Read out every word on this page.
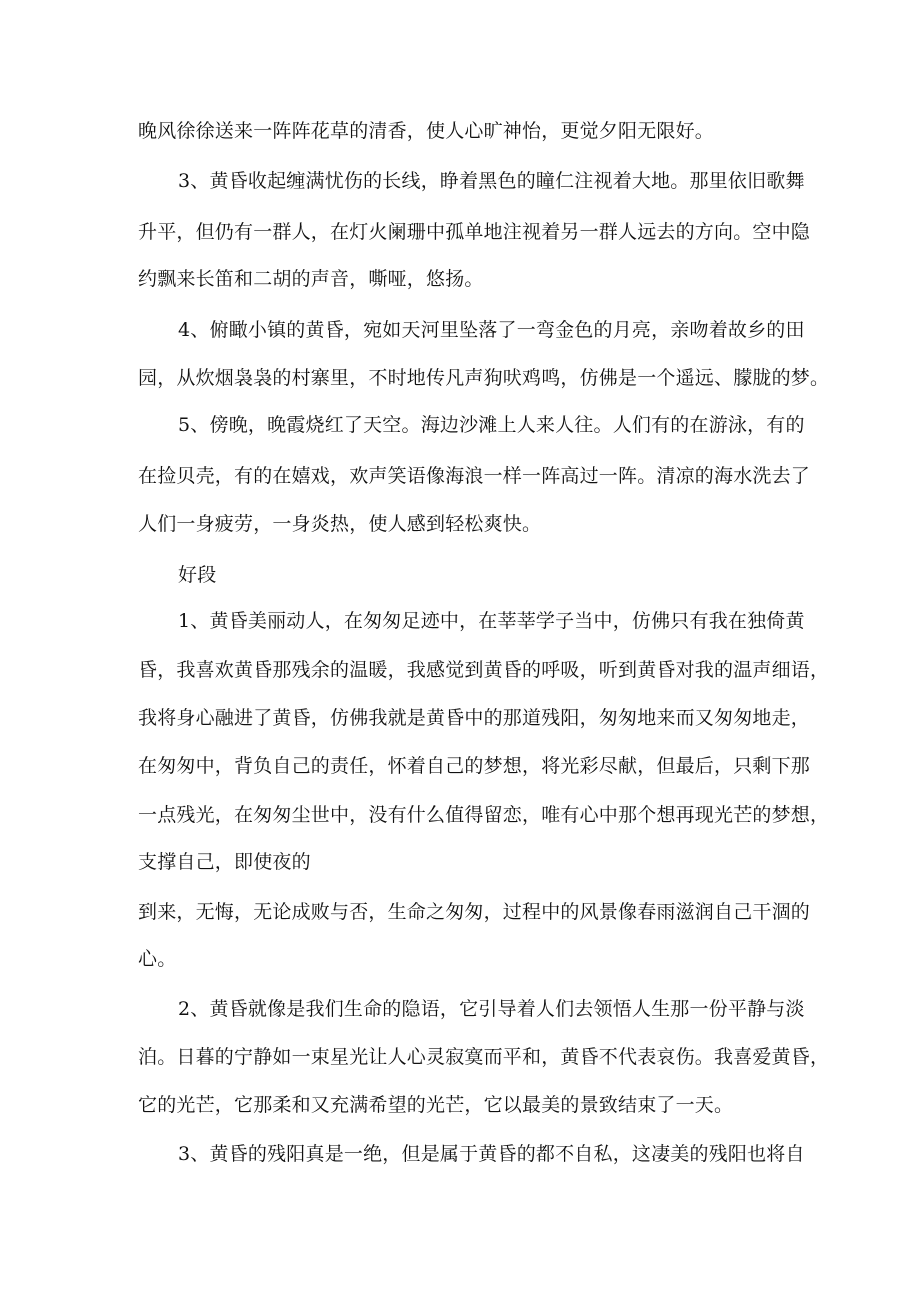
晚风徐徐送来一阵阵花草的清香，使人心旷神怡，更觉夕阳无限好。
3、黄昏收起缠满忧伤的长线，睁着黑色的瞳仁注视着大地。那里依旧歌舞
升平，但仍有一群人，在灯火阑珊中孤单地注视着另一群人远去的方向。空中隐
约飘来长笛和二胡的声音，嘶哑，悠扬。
4、俯瞰小镇的黄昏，宛如天河里坠落了一弯金色的月亮，亲吻着故乡的田
园，从炊烟袅袅的村寨里，不时地传凡声狗吠鸡鸣，仿佛是一个遥远、朦胧的梦。
5、傍晚，晚霞烧红了天空。海边沙滩上人来人往。人们有的在游泳，有的
在捡贝壳，有的在嬉戏，欢声笑语像海浪一样一阵高过一阵。清凉的海水洗去了
人们一身疲劳，一身炎热，使人感到轻松爽快。
好段
1、黄昏美丽动人，在匆匆足迹中，在莘莘学子当中，仿佛只有我在独倚黄
昏，我喜欢黄昏那残余的温暖，我感觉到黄昏的呼吸，听到黄昏对我的温声细语，
我将身心融进了黄昏，仿佛我就是黄昏中的那道残阳，匆匆地来而又匆匆地走，
在匆匆中，背负自己的责任，怀着自己的梦想，将光彩尽献，但最后，只剩下那
一点残光，在匆匆尘世中，没有什么值得留恋，唯有心中那个想再现光芒的梦想，
支撑自己，即使夜的
到来，无悔，无论成败与否，生命之匆匆，过程中的风景像春雨滋润自己干涸的
心。
2、黄昏就像是我们生命的隐语，它引导着人们去领悟人生那一份平静与淡
泊。日暮的宁静如一束星光让人心灵寂寞而平和，黄昏不代表哀伤。我喜爱黄昏，
它的光芒，它那柔和又充满希望的光芒，它以最美的景致结束了一天。
3、黄昏的残阳真是一绝，但是属于黄昏的都不自私，这凄美的残阳也将自
